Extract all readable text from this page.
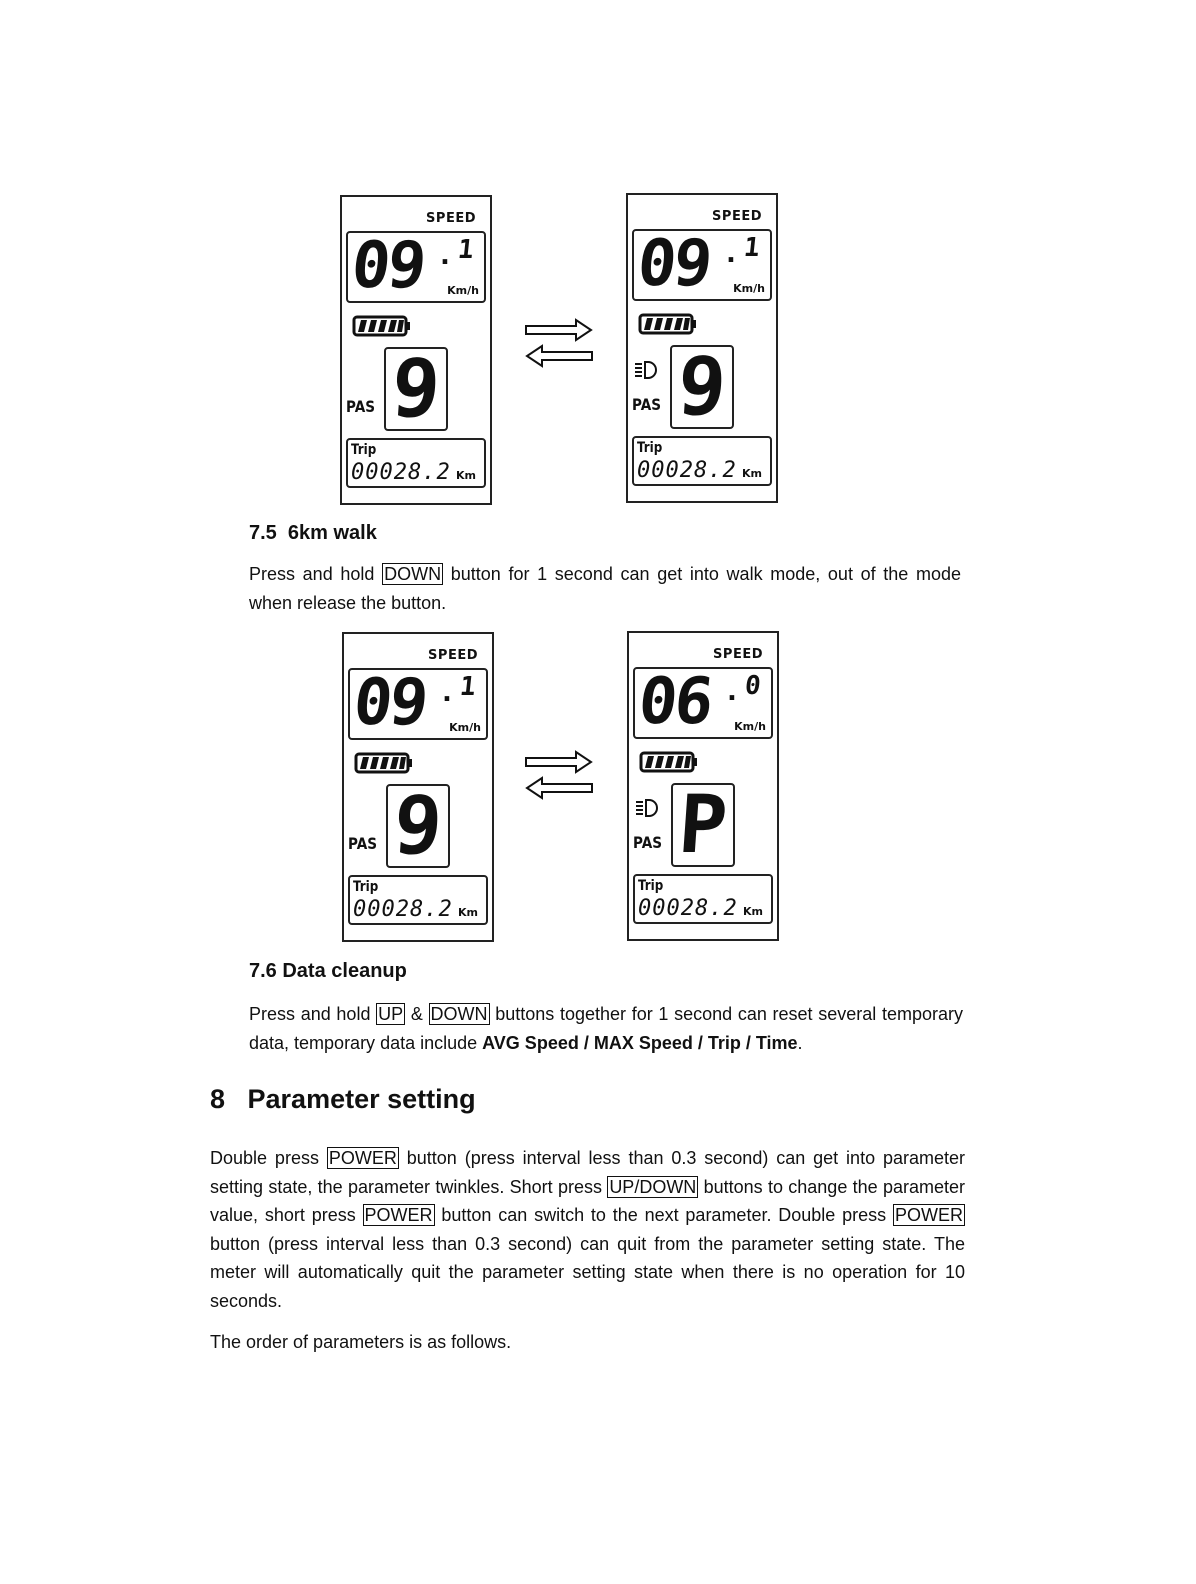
SPEED
09 . 1
Km/h
PAS 9
Trip
00028.2 Km
SPEED
09 . 1
Km/h
PAS 9
Trip
00028.2 Km
7.5  6km walk
Press and hold DOWN button for 1 second can get into walk mode, out of the mode when release the button.
SPEED
09 . 1
Km/h
PAS 9
Trip
00028.2 Km
SPEED
06 . 0
Km/h
PAS P
Trip
00028.2 Km
7.6 Data cleanup
Press and hold UP & DOWN buttons together for 1 second can reset several temporary data, temporary data include AVG Speed / MAX Speed / Trip / Time.
8   Parameter setting
Double press POWER button (press interval less than 0.3 second) can get into parameter setting state, the parameter twinkles. Short press UP/DOWN buttons to change the parameter value, short press POWER button can switch to the next parameter. Double press POWER button (press interval less than 0.3 second) can quit from the parameter setting state. The meter will automatically quit the parameter setting state when there is no operation for 10 seconds.
The order of parameters is as follows.
